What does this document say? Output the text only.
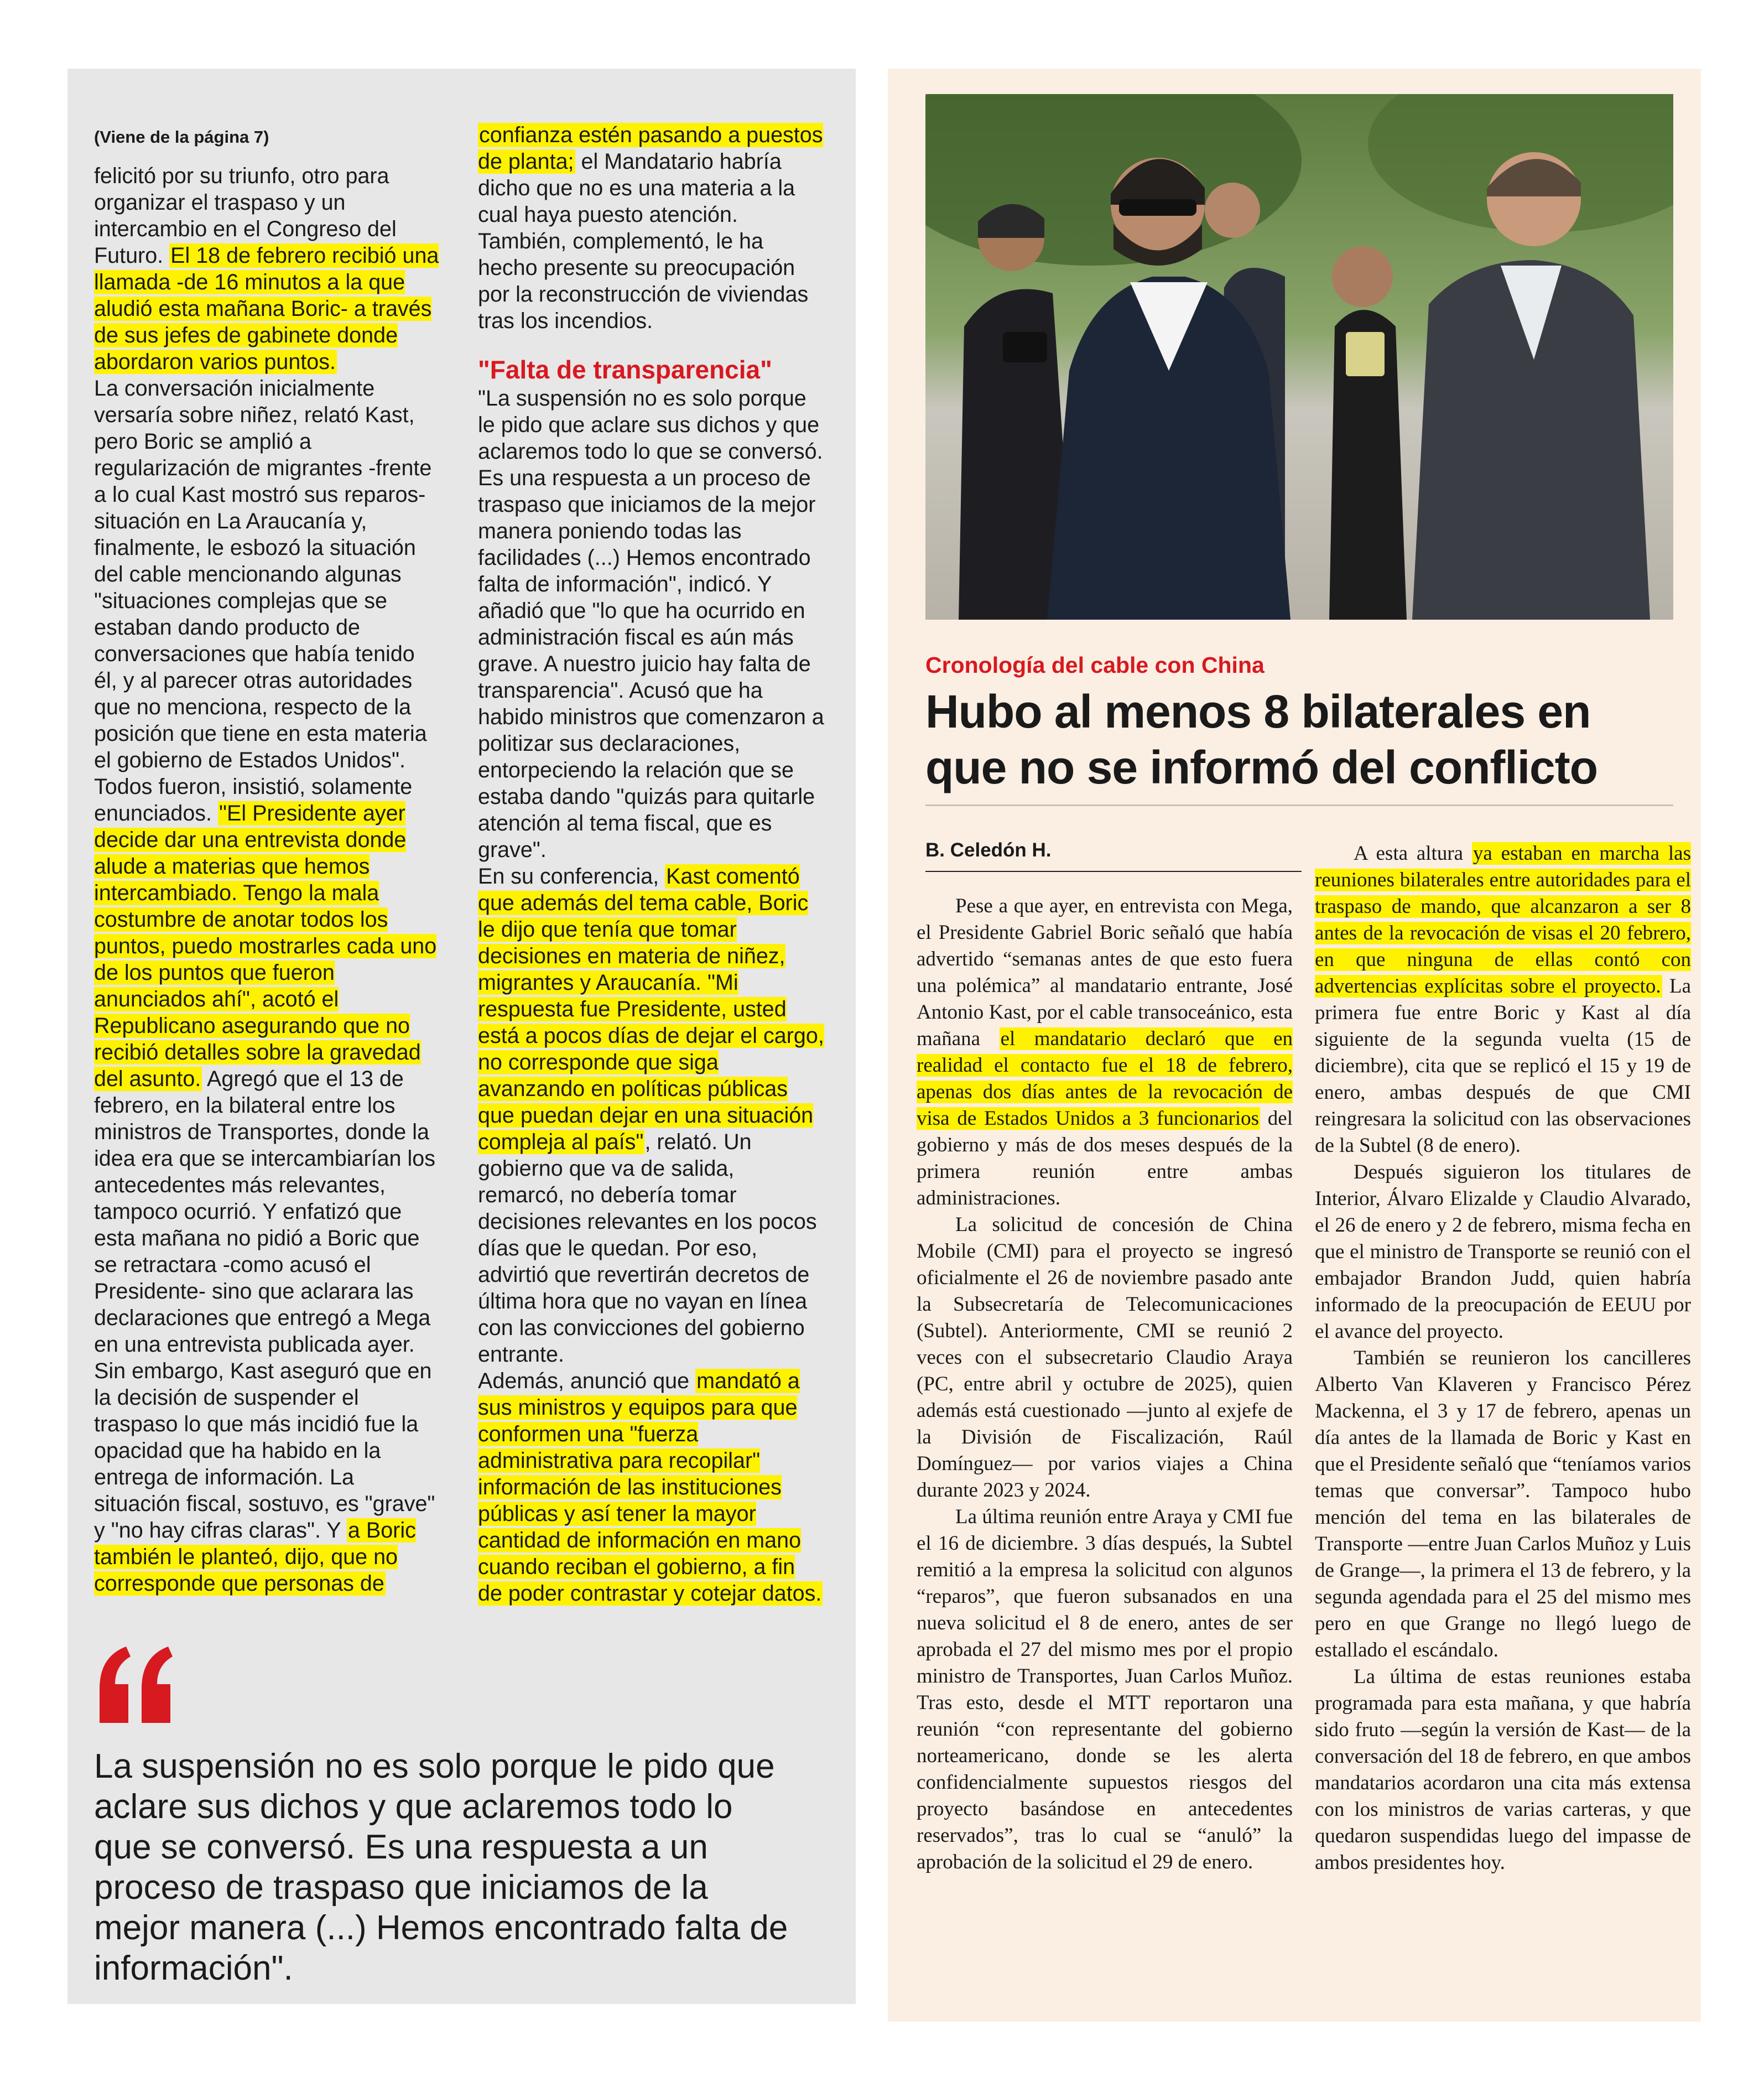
(Viene de la página 7)

felicitó por su triunfo, otro para organizar el traspaso y un intercambio en el Congreso del Futuro. El 18 de febrero recibió una llamada -de 16 minutos a la que aludió esta mañana Boric- a través de sus jefes de gabinete donde abordaron varios puntos.

La conversación inicialmente versaría sobre niñez, relató Kast, pero Boric se amplió a regularización de migrantes -frente a lo cual Kast mostró sus reparos- situación en La Araucanía y, finalmente, le esbozó la situación del cable mencionando algunas "situaciones complejas que se estaban dando producto de conversaciones que había tenido él, y al parecer otras autoridades que no menciona, respecto de la posición que tiene en esta materia el gobierno de Estados Unidos". Todos fueron, insistió, solamente enunciados. "El Presidente ayer decide dar una entrevista donde alude a materias que hemos intercambiado. Tengo la mala costumbre de anotar todos los puntos, puedo mostrarles cada uno de los puntos que fueron anunciados ahí", acotó el Republicano asegurando que no recibió detalles sobre la gravedad del asunto. Agregó que el 13 de febrero, en la bilateral entre los ministros de Transportes, donde la idea era que se intercambiarían los antecedentes más relevantes, tampoco ocurrió. Y enfatizó que esta mañana no pidió a Boric que se retractara -como acusó el Presidente- sino que aclarara las declaraciones que entregó a Mega en una entrevista publicada ayer.

Sin embargo, Kast aseguró que en la decisión de suspender el traspaso lo que más incidió fue la opacidad que ha habido en la entrega de información. La situación fiscal, sostuvo, es "grave" y "no hay cifras claras". Y a Boric también le planteó, dijo, que no corresponde que personas de

confianza estén pasando a puestos de planta; el Mandatario habría dicho que no es una materia a la cual haya puesto atención. También, complementó, le ha hecho presente su preocupación por la reconstrucción de viviendas tras los incendios.

"Falta de transparencia"

"La suspensión no es solo porque le pido que aclare sus dichos y que aclaremos todo lo que se conversó. Es una respuesta a un proceso de traspaso que iniciamos de la mejor manera poniendo todas las facilidades (...) Hemos encontrado falta de información", indicó. Y añadió que "lo que ha ocurrido en administración fiscal es aún más grave. A nuestro juicio hay falta de transparencia". Acusó que ha habido ministros que comenzaron a politizar sus declaraciones, entorpeciendo la relación que se estaba dando "quizás para quitarle atención al tema fiscal, que es grave".

En su conferencia, Kast comentó que además del tema cable, Boric le dijo que tenía que tomar decisiones en materia de niñez, migrantes y Araucanía. "Mi respuesta fue Presidente, usted está a pocos días de dejar el cargo, no corresponde que siga avanzando en políticas públicas que puedan dejar en una situación compleja al país", relató. Un gobierno que va de salida, remarcó, no debería tomar decisiones relevantes en los pocos días que le quedan. Por eso, advirtió que revertirán decretos de última hora que no vayan en línea con las convicciones del gobierno entrante.

Además, anunció que mandató a sus ministros y equipos para que conformen una "fuerza administrativa para recopilar" información de las instituciones públicas y así tener la mayor cantidad de información en mano cuando reciban el gobierno, a fin de poder contrastar y cotejar datos.

La suspensión no es solo porque le pido que aclare sus dichos y que aclaremos todo lo que se conversó. Es una respuesta a un proceso de traspaso que iniciamos de la mejor manera (...) Hemos encontrado falta de información".
Cronología del cable con China
Hubo al menos 8 bilaterales en que no se informó del conflicto
B. Celedón H.

Pese a que ayer, en entrevista con Mega, el Presidente Gabriel Boric señaló que había advertido “semanas antes de que esto fuera una polémica” al mandatario entrante, José Antonio Kast, por el cable transoceánico, esta mañana el mandatario declaró que en realidad el contacto fue el 18 de febrero, apenas dos días antes de la revocación de visa de Estados Unidos a 3 funcionarios del gobierno y más de dos meses después de la primera reunión entre ambas administraciones.

La solicitud de concesión de China Mobile (CMI) para el proyecto se ingresó oficialmente el 26 de noviembre pasado ante la Subsecretaría de Telecomunicaciones (Subtel). Anteriormente, CMI se reunió 2 veces con el subsecretario Claudio Araya (PC, entre abril y octubre de 2025), quien además está cuestionado —junto al exjefe de la División de Fiscalización, Raúl Domínguez— por varios viajes a China durante 2023 y 2024.

La última reunión entre Araya y CMI fue el 16 de diciembre. 3 días después, la Subtel remitió a la empresa la solicitud con algunos “reparos”, que fueron subsanados en una nueva solicitud el 8 de enero, antes de ser aprobada el 27 del mismo mes por el propio ministro de Transportes, Juan Carlos Muñoz. Tras esto, desde el MTT reportaron una reunión “con representante del gobierno norteamericano, donde se les alerta confidencialmente supuestos riesgos del proyecto basándose en antecedentes reservados”, tras lo cual se “anuló” la aprobación de la solicitud el 29 de enero.

A esta altura ya estaban en marcha las reuniones bilaterales entre autoridades para el traspaso de mando, que alcanzaron a ser 8 antes de la revocación de visas el 20 febrero, en que ninguna de ellas contó con advertencias explícitas sobre el proyecto. La primera fue entre Boric y Kast al día siguiente de la segunda vuelta (15 de diciembre), cita que se replicó el 15 y 19 de enero, ambas después de que CMI reingresara la solicitud con las observaciones de la Subtel (8 de enero).

Después siguieron los titulares de Interior, Álvaro Elizalde y Claudio Alvarado, el 26 de enero y 2 de febrero, misma fecha en que el ministro de Transporte se reunió con el embajador Brandon Judd, quien habría informado de la preocupación de EEUU por el avance del proyecto.

También se reunieron los cancilleres Alberto Van Klaveren y Francisco Pérez Mackenna, el 3 y 17 de febrero, apenas un día antes de la llamada de Boric y Kast en que el Presidente señaló que “teníamos varios temas que conversar”. Tampoco hubo mención del tema en las bilaterales de Transporte —entre Juan Carlos Muñoz y Luis de Grange—, la primera el 13 de febrero, y la segunda agendada para el 25 del mismo mes pero en que Grange no llegó luego de estallado el escándalo.

La última de estas reuniones estaba programada para esta mañana, y que habría sido fruto —según la versión de Kast— de la conversación del 18 de febrero, en que ambos mandatarios acordaron una cita más extensa con los ministros de varias carteras, y que quedaron suspendidas luego del impasse de ambos presidentes hoy.
